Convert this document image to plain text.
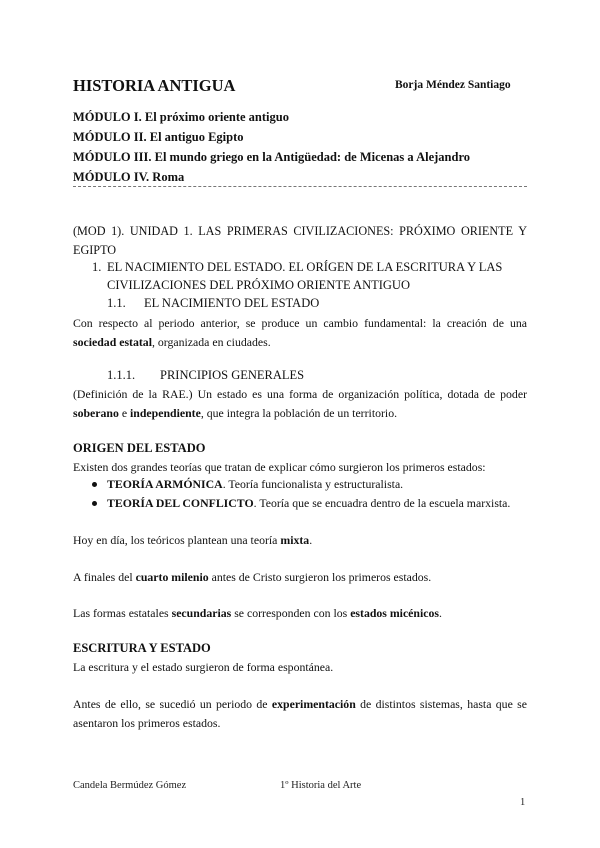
HISTORIA ANTIGUA	Borja Méndez Santiago
MÓDULO I. El próximo oriente antiguo
MÓDULO II. El antiguo Egipto
MÓDULO III. El mundo griego en la Antigüedad: de Micenas a Alejandro
MÓDULO IV. Roma
(MOD 1). UNIDAD 1. LAS PRIMERAS CIVILIZACIONES: PRÓXIMO ORIENTE Y EGIPTO
1. EL NACIMIENTO DEL ESTADO. EL ORÍGEN DE LA ESCRITURA Y LAS
CIVILIZACIONES DEL PRÓXIMO ORIENTE ANTIGUO
1.1. EL NACIMIENTO DEL ESTADO
Con respecto al periodo anterior, se produce un cambio fundamental: la creación de una sociedad estatal, organizada en ciudades.
1.1.1. PRINCIPIOS GENERALES
(Definición de la RAE.) Un estado es una forma de organización política, dotada de poder soberano e independiente, que integra la población de un territorio.
ORIGEN DEL ESTADO
Existen dos grandes teorías que tratan de explicar cómo surgieron los primeros estados:
TEORÍA ARMÓNICA. Teoría funcionalista y estructuralista.
TEORÍA DEL CONFLICTO. Teoría que se encuadra dentro de la escuela marxista.
Hoy en día, los teóricos plantean una teoría mixta.
A finales del cuarto milenio antes de Cristo surgieron los primeros estados.
Las formas estatales secundarias se corresponden con los estados micénicos.
ESCRITURA Y ESTADO
La escritura y el estado surgieron de forma espontánea.
Antes de ello, se sucedió un periodo de experimentación de distintos sistemas, hasta que se asentaron los primeros estados.
Candela Bermúdez Gómez	1º Historia del Arte
1
